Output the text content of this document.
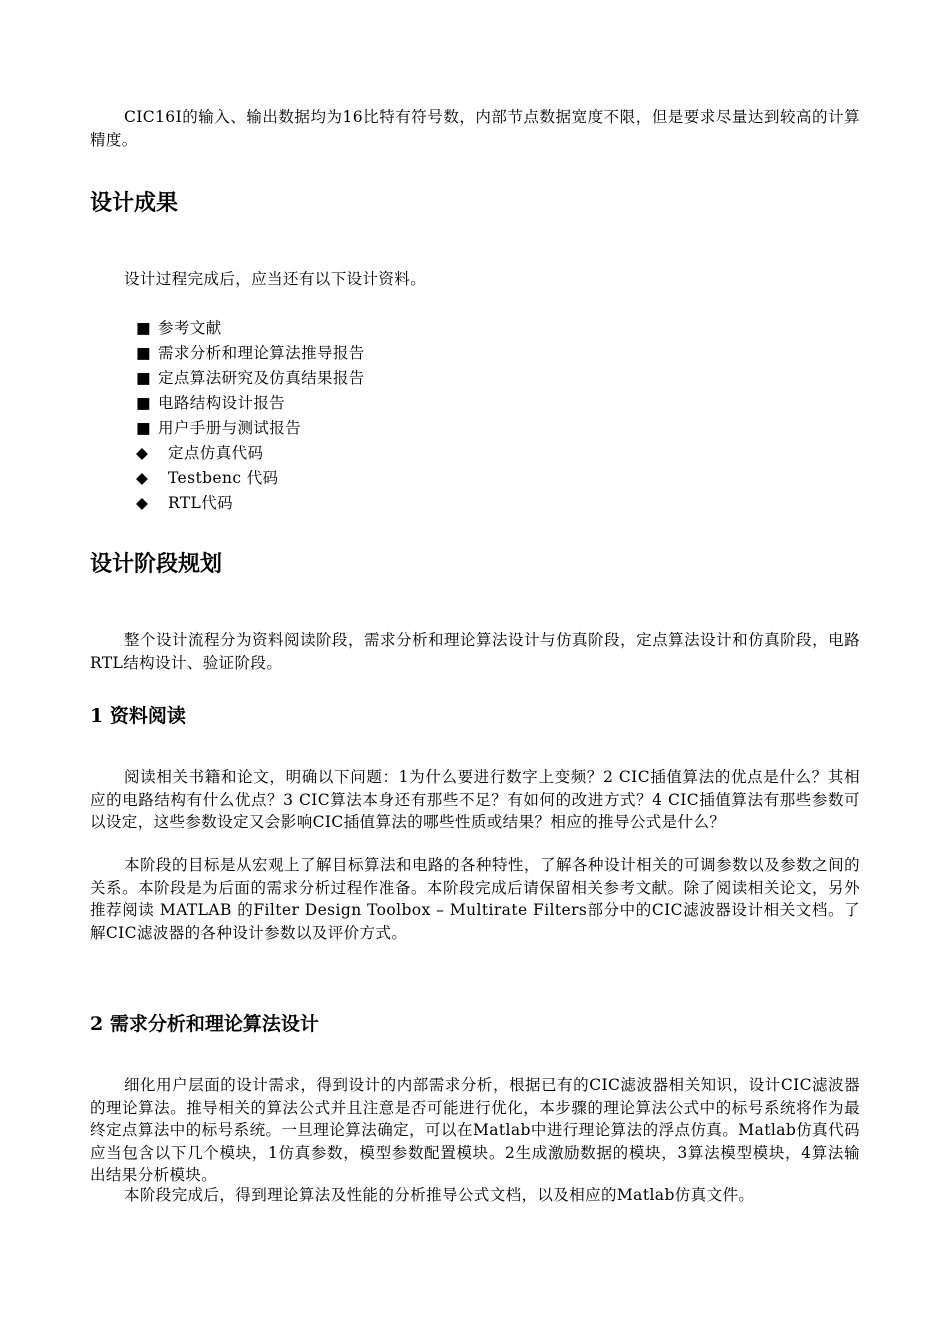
CIC16I的输入、输出数据均为16比特有符号数，内部节点数据宽度不限，但是要求尽量达到较高的计算精度。

设计成果

设计过程完成后，应当还有以下设计资料。

■ 参考文献
■ 需求分析和理论算法推导报告
■ 定点算法研究及仿真结果报告
■ 电路结构设计报告
■ 用户手册与测试报告
◆ 定点仿真代码
◆ Testbenc 代码
◆ RTL代码
设计阶段规划

整个设计流程分为资料阅读阶段，需求分析和理论算法设计与仿真阶段，定点算法设计和仿真阶段，电路RTL结构设计、验证阶段。

1 资料阅读

阅读相关书籍和论文，明确以下问题：1为什么要进行数字上变频？2 CIC插值算法的优点是什么？其相应的电路结构有什么优点？3 CIC算法本身还有那些不足？有如何的改进方式？4 CIC插值算法有那些参数可以设定，这些参数设定又会影响CIC插值算法的哪些性质或结果？相应的推导公式是什么？

本阶段的目标是从宏观上了解目标算法和电路的各种特性，了解各种设计相关的可调参数以及参数之间的关系。本阶段是为后面的需求分析过程作准备。本阶段完成后请保留相关参考文献。除了阅读相关论文，另外推荐阅读 MATLAB 的Filter Design Toolbox – Multirate Filters部分中的CIC滤波器设计相关文档。了解CIC滤波器的各种设计参数以及评价方式。

2 需求分析和理论算法设计

细化用户层面的设计需求，得到设计的内部需求分析，根据已有的CIC滤波器相关知识，设计CIC滤波器的理论算法。推导相关的算法公式并且注意是否可能进行优化，本步骤的理论算法公式中的标号系统将作为最终定点算法中的标号系统。一旦理论算法确定，可以在Matlab中进行理论算法的浮点仿真。Matlab仿真代码应当包含以下几个模块，1仿真参数，模型参数配置模块。2生成激励数据的模块，3算法模型模块，4算法输出结果分析模块。

本阶段完成后，得到理论算法及性能的分析推导公式文档，以及相应的Matlab仿真文件。
